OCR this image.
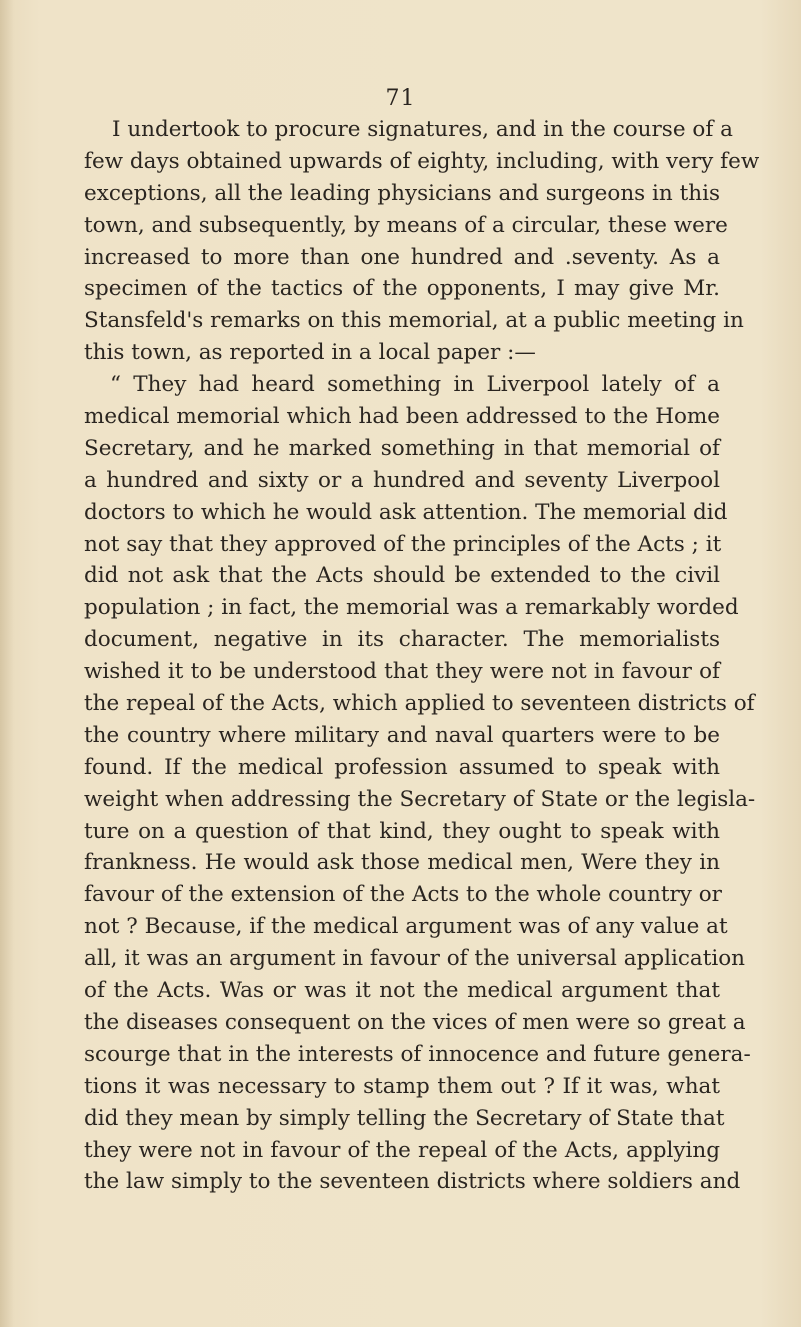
71
I undertook to procure signatures, and in the course of a
few days obtained upwards of eighty, including, with very few
exceptions, all the leading physicians and surgeons in this
town, and subsequently, by means of a circular, these were
increased to more than one hundred and .seventy. As a
specimen of the tactics of the opponents, I may give Mr.
Stansfeld's remarks on this memorial, at a public meeting in
this town, as reported in a local paper :—
“ They had heard something in Liverpool lately of a
medical memorial which had been addressed to the Home
Secretary, and he marked something in that memorial of
a hundred and sixty or a hundred and seventy Liverpool
doctors to which he would ask attention. The memorial did
not say that they approved of the principles of the Acts ; it
did not ask that the Acts should be extended to the civil
population ; in fact, the memorial was a remarkably worded
document, negative in its character. The memorialists
wished it to be understood that they were not in favour of
the repeal of the Acts, which applied to seventeen districts of
the country where military and naval quarters were to be
found. If the medical profession assumed to speak with
weight when addressing the Secretary of State or the legisla-
ture on a question of that kind, they ought to speak with
frankness. He would ask those medical men, Were they in
favour of the extension of the Acts to the whole country or
not ? Because, if the medical argument was of any value at
all, it was an argument in favour of the universal application
of the Acts. Was or was it not the medical argument that
the diseases consequent on the vices of men were so great a
scourge that in the interests of innocence and future genera-
tions it was necessary to stamp them out ? If it was, what
did they mean by simply telling the Secretary of State that
they were not in favour of the repeal of the Acts, applying
the law simply to the seventeen districts where soldiers and
